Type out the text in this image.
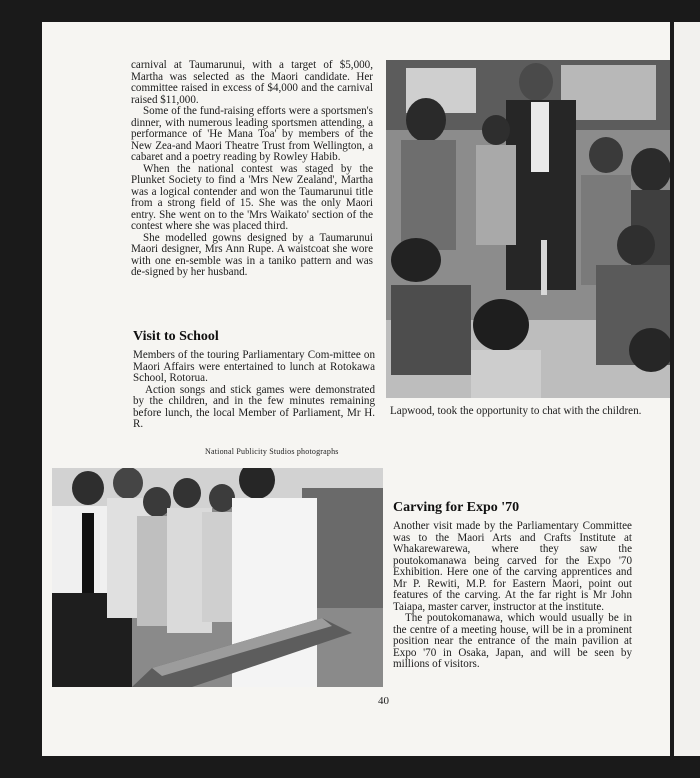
carnival at Taumarunui, with a target of $5,000, Martha was selected as the Maori candidate. Her committee raised in excess of $4,000 and the carnival raised $11,000.

Some of the fund-raising efforts were a sportsmen's dinner, with numerous leading sportsmen attending, a performance of 'He Mana Toa' by members of the New Zea-and Maori Theatre Trust from Wellington, a cabaret and a poetry reading by Rowley Habib.

When the national contest was staged by the Plunket Society to find a 'Mrs New Zealand', Martha was a logical contender and won the Taumarunui title from a strong field of 15. She was the only Maori entry. She went on to the 'Mrs Waikato' section of the contest where she was placed third.

She modelled gowns designed by a Taumarunui Maori designer, Mrs Ann Rupe. A waistcoat she wore with one en-semble was in a taniko pattern and was de-signed by her husband.

Visit to School

Members of the touring Parliamentary Com-mittee on Maori Affairs were entertained to lunch at Rotokawa School, Rotorua.

Action songs and stick games were demonstrated by the children, and in the few minutes remaining before lunch, the local Member of Parliament, Mr H. R.

Lapwood, took the opportunity to chat with the children.
National Publicity Studios photographs
Carving for Expo '70

Another visit made by the Parliamentary Committee was to the Maori Arts and Crafts Institute at Whakarewarewa, where they saw the poutokomanawa being carved for the Expo '70 Exhibition. Here one of the carving apprentices and Mr P. Rewiti, M.P. for Eastern Maori, point out features of the carving. At the far right is Mr John Taiapa, master carver, instructor at the institute.

The poutokomanawa, which would usually be in the centre of a meeting house, will be in a prominent position near the entrance of the main pavilion at Expo '70 in Osaka, Japan, and will be seen by millions of visitors.

40
